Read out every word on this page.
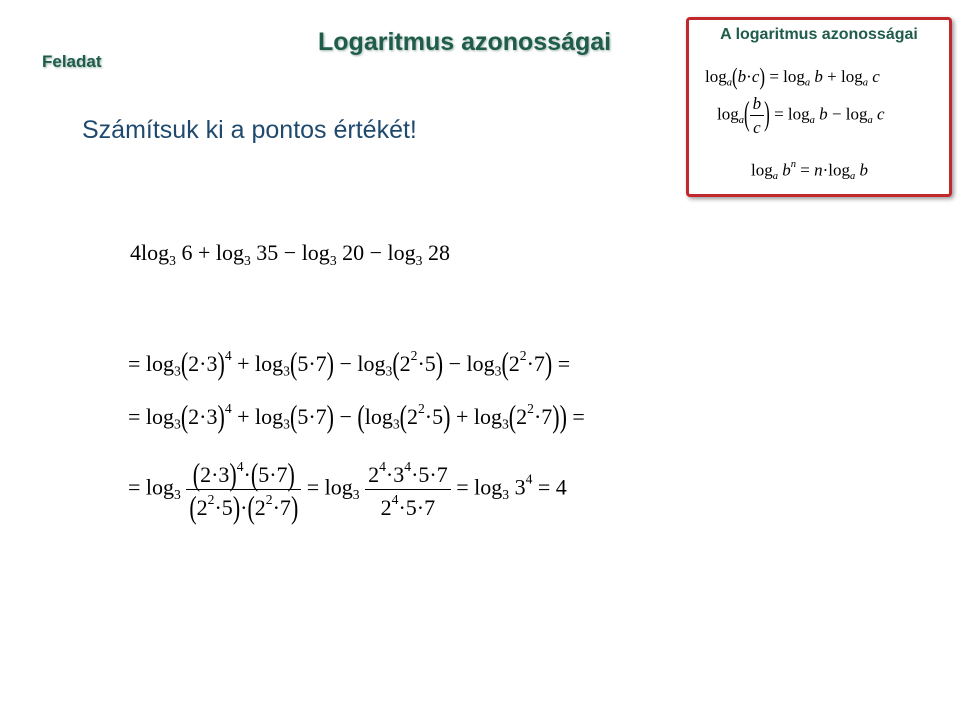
Logaritmus azonosságai
Feladat
Számítsuk ki a pontos értékét!
A logaritmus azonosságai
$\log_a(b\cdot c) = \log_a b + \log_a c$
$\log_a( \frac{b}{c}$ ) = $\log_a b - \log_a c$
$\log_a b^n = n\cdot\log_a$ b
$4\log_3$ $6 + \log_3 35 - \log_3 20 - \log_3 28$
= $\log_3(2\cdot 3)^4 + \log_3(5\cdot 7) - \log_3(2^2\cdot 5) - \log_3(2^2\cdot 7)$ =
= $\log_3(2\cdot 3)^4 + \log_3(5\cdot 7) - (\log_3(2^2\cdot 5) + \log_3(2^2\cdot 7))$ =
= $\log_3 \frac{(2\cdot 3)^4\cdot(5\cdot 7)}{(2^2\cdot 5)\cdot(2^2\cdot 7)} = \log_3 \frac{2^4\cdot 3^4\cdot 5\cdot 7}{2^4\cdot 5\cdot 7} = \log_3 3^4 = 4$
